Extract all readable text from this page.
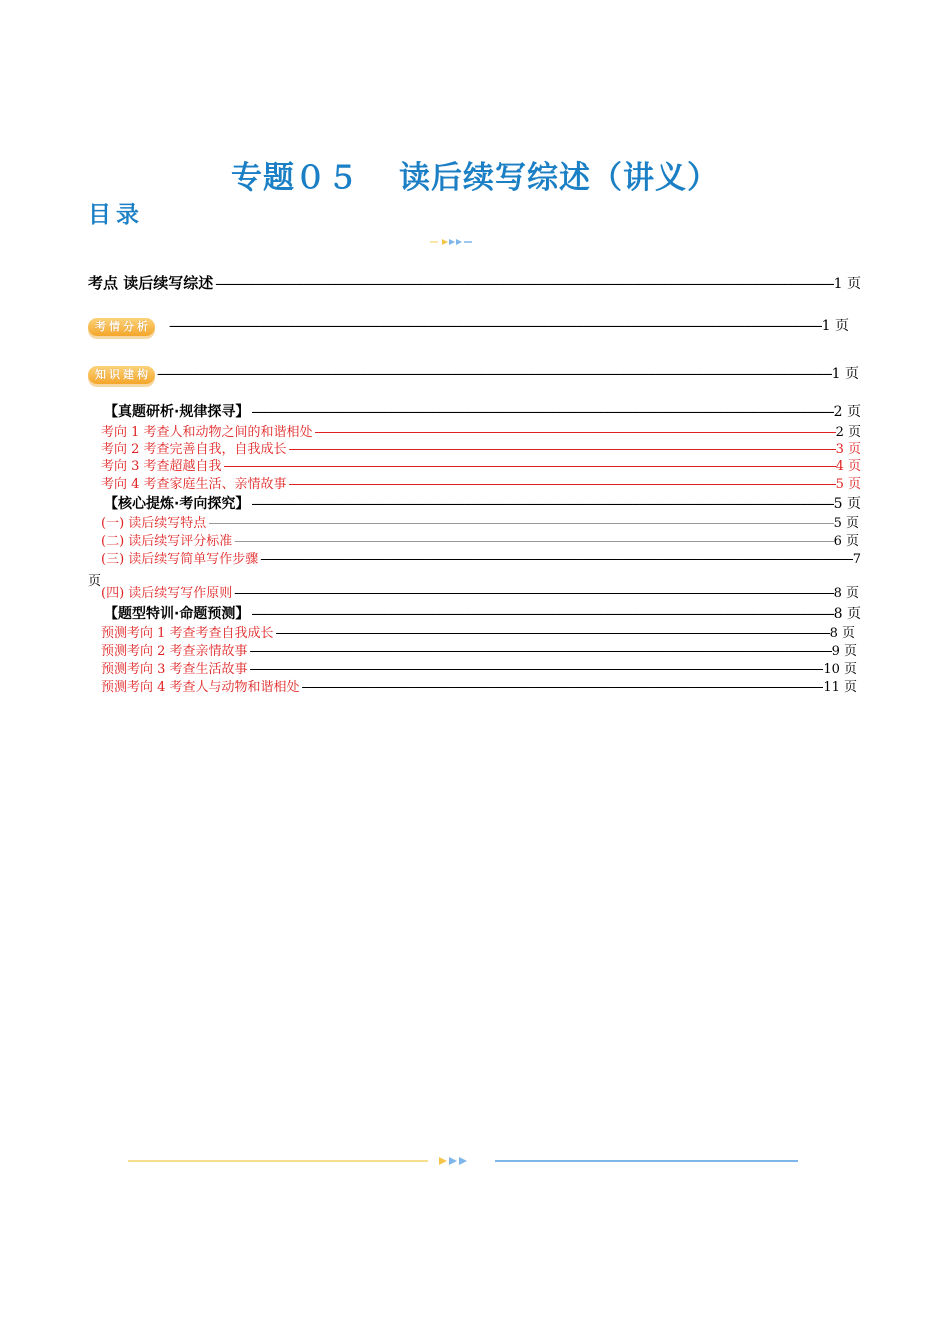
专题０５ 读后续写综述（讲义）
目录
考点 读后续写综述 -----	1 页
考 情 分 析 -----	1 页
知 识 建 构 -----	1 页
【真题研析·规律探寻】 -----	2 页
考向 1 考查人和动物之间的和谐相处 -----	2 页
考向 2 考查完善自我，自我成长 -----	3 页
考向 3 考查超越自我 -----	4 页
考向 4 考查家庭生活、亲情故事 -----	5 页
【核心提炼·考向探究】 -----	5 页
(一) 读后续写特点 -----	5 页
(二) 读后续写评分标准 -----	6 页
(三) 读后续写简单写作步骤 -----	7
页
(四) 读后续写写作原则 -----	8 页
【题型特训·命题预测】 -----	8 页
预测考向 1 考查考查自我成长 -----	8 页
预测考向 2 考查亲情故事 -----	9 页
预测考向 3 考查生活故事 -----	10 页
预测考向 4 考查人与动物和谐相处 -----	11 页
